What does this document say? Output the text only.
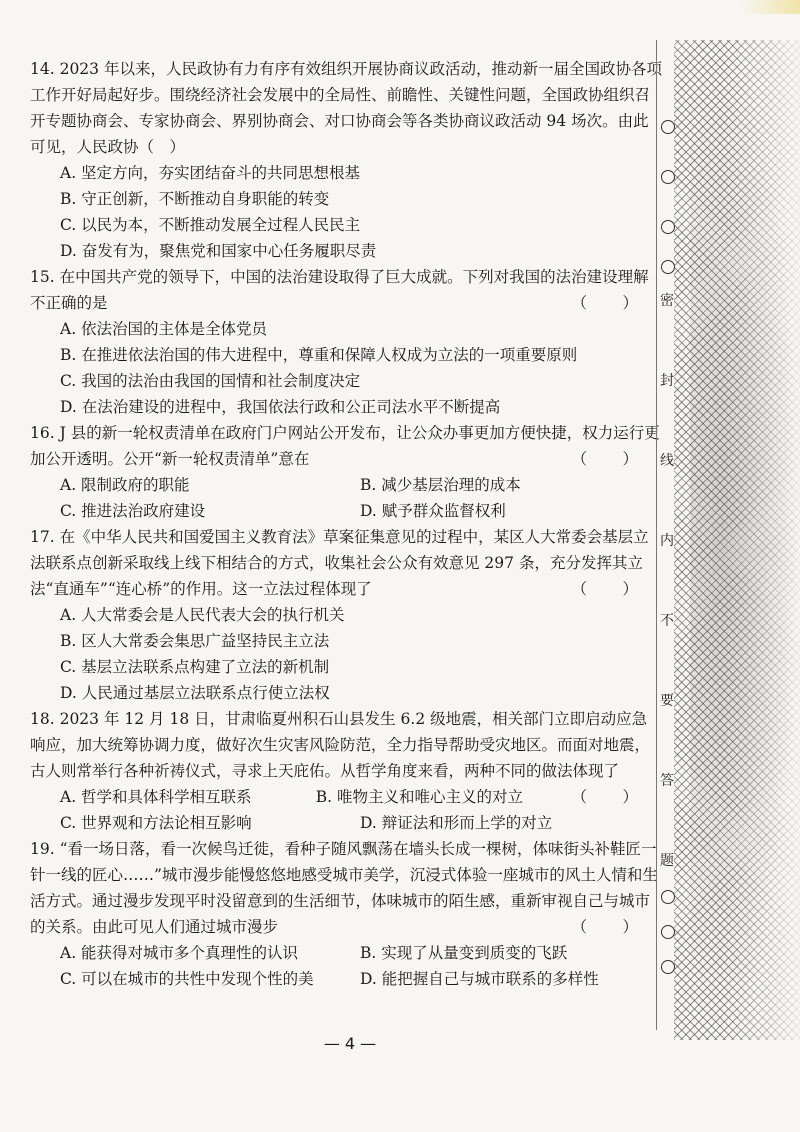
14. 2023 年以来，人民政协有力有序有效组织开展协商议政活动，推动新一届全国政协各项工作开好局起好步。围绕经济社会发展中的全局性、前瞻性、关键性问题，全国政协组织召开专题协商会、专家协商会、界别协商会、对口协商会等各类协商议政活动 94 场次。由此可见，人民政协（　）

A. 坚定方向，夯实团结奋斗的共同思想根基

B. 守正创新，不断推动自身职能的转变

C. 以民为本，不断推动发展全过程人民民主

D. 奋发有为，聚焦党和国家中心任务履职尽责

15. 在中国共产党的领导下，中国的法治建设取得了巨大成就。下列对我国的法治建设理解不正确的是	（　）

A. 依法治国的主体是全体党员

B. 在推进依法治国的伟大进程中，尊重和保障人权成为立法的一项重要原则

C. 我国的法治由我国的国情和社会制度决定

D. 在法治建设的进程中，我国依法行政和公正司法水平不断提高

16. J 县的新一轮权责清单在政府门户网站公开发布，让公众办事更加方便快捷，权力运行更加公开透明。公开“新一轮权责清单”意在	（　）

A. 限制政府的职能	B. 减少基层治理的成本
C. 推进法治政府建设	D. 赋予群众监督权利

17. 在《中华人民共和国爱国主义教育法》草案征集意见的过程中，某区人大常委会基层立法联系点创新采取线上线下相结合的方式，收集社会公众有效意见 297 条，充分发挥其立法“直通车”“连心桥”的作用。这一立法过程体现了	（　）

A. 人大常委会是人民代表大会的执行机关

B. 区人大常委会集思广益坚持民主立法

C. 基层立法联系点构建了立法的新机制

D. 人民通过基层立法联系点行使立法权

18. 2023 年 12 月 18 日，甘肃临夏州积石山县发生 6.2 级地震，相关部门立即启动应急响应，加大统筹协调力度，做好次生灾害风险防范，全力指导帮助受灾地区。而面对地震，古人则常举行各种祈祷仪式，寻求上天庇佑。从哲学角度来看，两种不同的做法体现了
（　）

A. 哲学和具体科学相互联系	B. 唯物主义和唯心主义的对立
C. 世界观和方法论相互影响	D. 辩证法和形而上学的对立

19. “看一场日落，看一次候鸟迁徙，看种子随风飘荡在墙头长成一棵树，体味街头补鞋匠一针一线的匠心……”城市漫步能慢悠悠地感受城市美学，沉浸式体验一座城市的风土人情和生活方式。通过漫步发现平时没留意到的生活细节，体味城市的陌生感，重新审视自己与城市的关系。由此可见人们通过城市漫步	（　）

A. 能获得对城市多个真理性的认识	B. 实现了从量变到质变的飞跃
C. 可以在城市的共性中发现个性的美	D. 能把握自己与城市联系的多样性
— 4 —
密
封
线
内
不
要
答
题
